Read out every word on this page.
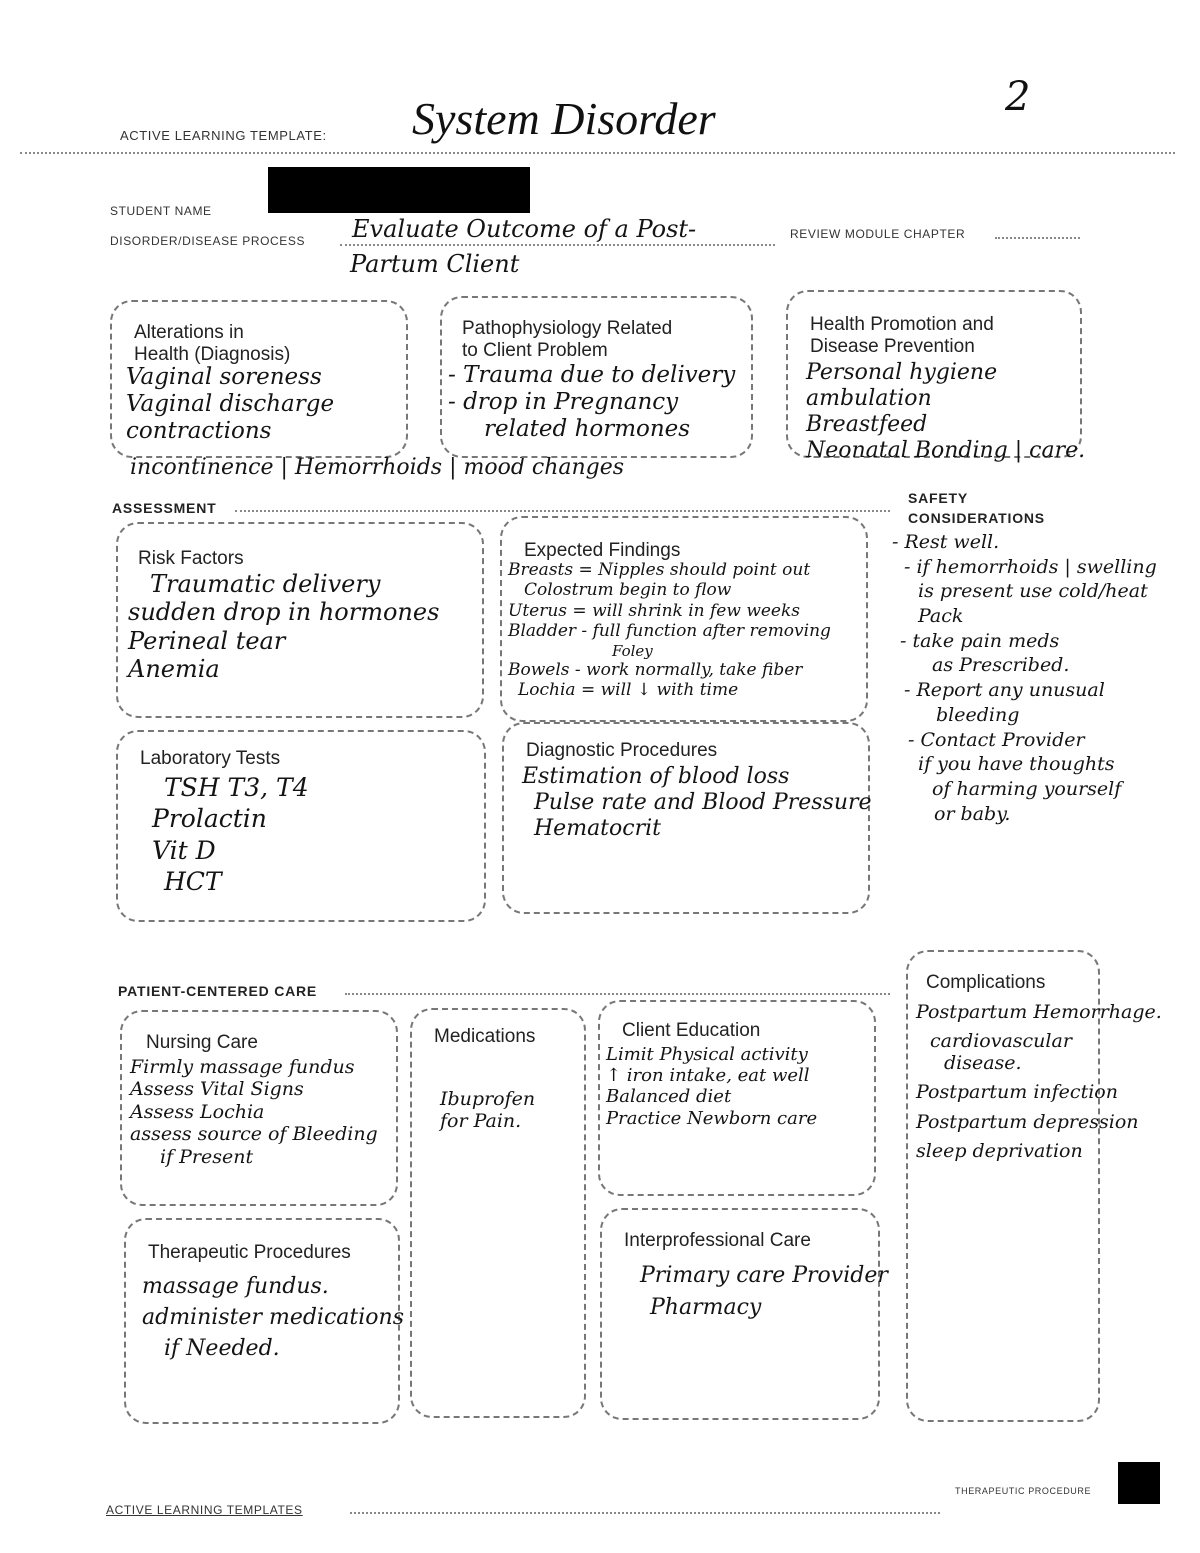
ACTIVE LEARNING TEMPLATE: System Disorder	2
STUDENT NAME
DISORDER/DISEASE PROCESS Evaluate Outcome of a Post-
Partum Client
REVIEW MODULE CHAPTER
Alterations in
Health (Diagnosis)
Vaginal soreness
Vaginal discharge
contractions
incontinence | Hemorrhoids | mood changes
Pathophysiology Related
to Client Problem
- Trauma due to delivery
- drop in Pregnancy
related hormones
Health Promotion and
Disease Prevention
Personal hygiene
ambulation
Breastfeed
Neonatal Bonding | care.
ASSESSMENT
Risk Factors
Traumatic delivery
sudden drop in hormones
Perineal tear
Anemia
Expected Findings
Breasts = Nipples should point out
Colostrum begin to flow
Uterus = will shrink in few weeks
Bladder - full function after removing
Foley
Bowels - work normally, take fiber
Lochia = will ↓ with time
Laboratory Tests
TSH T3, T4
Prolactin
Vit D
HCT
Diagnostic Procedures
Estimation of blood loss
Pulse rate and Blood Pressure
Hematocrit
SAFETY
CONSIDERATIONS
- Rest well.
- if hemorrhoids | swelling
is present use cold/heat
Pack
- take pain meds
as Prescribed.
- Report any unusual
bleeding
- Contact Provider
if you have thoughts
of harming yourself
or baby.
PATIENT-CENTERED CARE
Nursing Care
Firmly massage fundus
Assess Vital Signs
Assess Lochia
assess source of Bleeding
if Present
Medications
Ibuprofen
for Pain.
Client Education
Limit Physical activity
↑ iron intake, eat well
Balanced diet
Practice Newborn care
Therapeutic Procedures
massage fundus.
administer medications
if Needed.
Interprofessional Care
Primary care Provider
Pharmacy
Complications
Postpartum Hemorrhage.
cardiovascular
disease.
Postpartum infection
Postpartum depression
sleep deprivation
ACTIVE LEARNING TEMPLATES
THERAPEUTIC PROCEDURE
